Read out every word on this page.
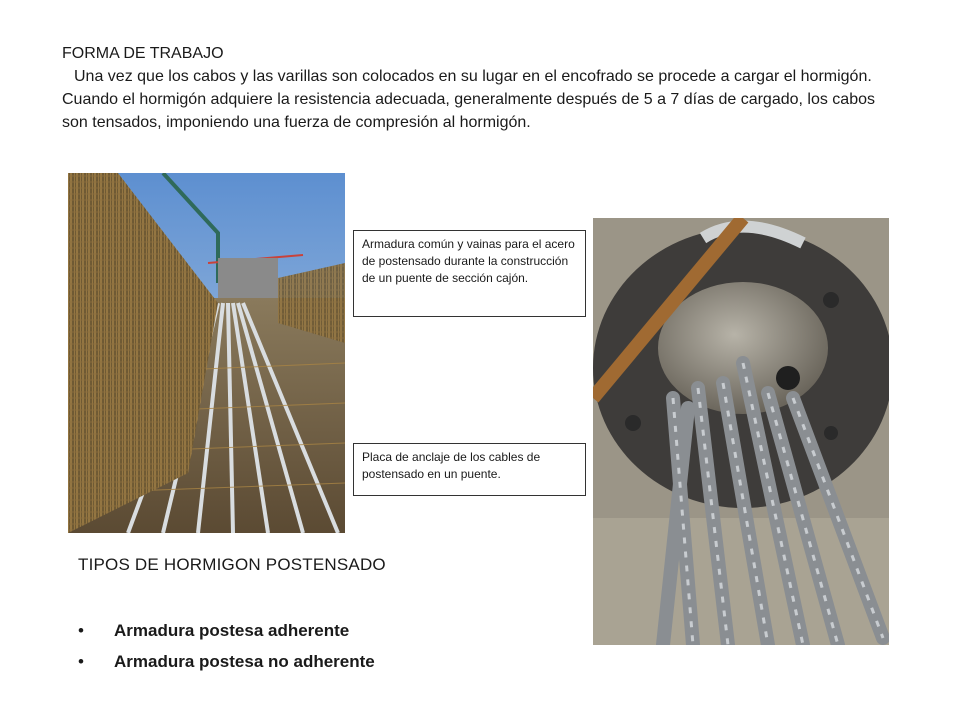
FORMA DE TRABAJO

Una vez que los cabos y las varillas son colocados en su lugar en el encofrado se procede a cargar el hormigón.

Cuando el hormigón adquiere la resistencia adecuada, generalmente después de 5 a 7 días de cargado, los cabos son tensados, imponiendo una fuerza de compresión al hormigón.

Armadura común y vainas para el acero de postensado durante la construcción de un puente de sección cajón.
Placa de anclaje de los cables de postensado en un puente.
TIPOS DE HORMIGON POSTENSADO
• Armadura postesa adherente
• Armadura postesa no adherente
